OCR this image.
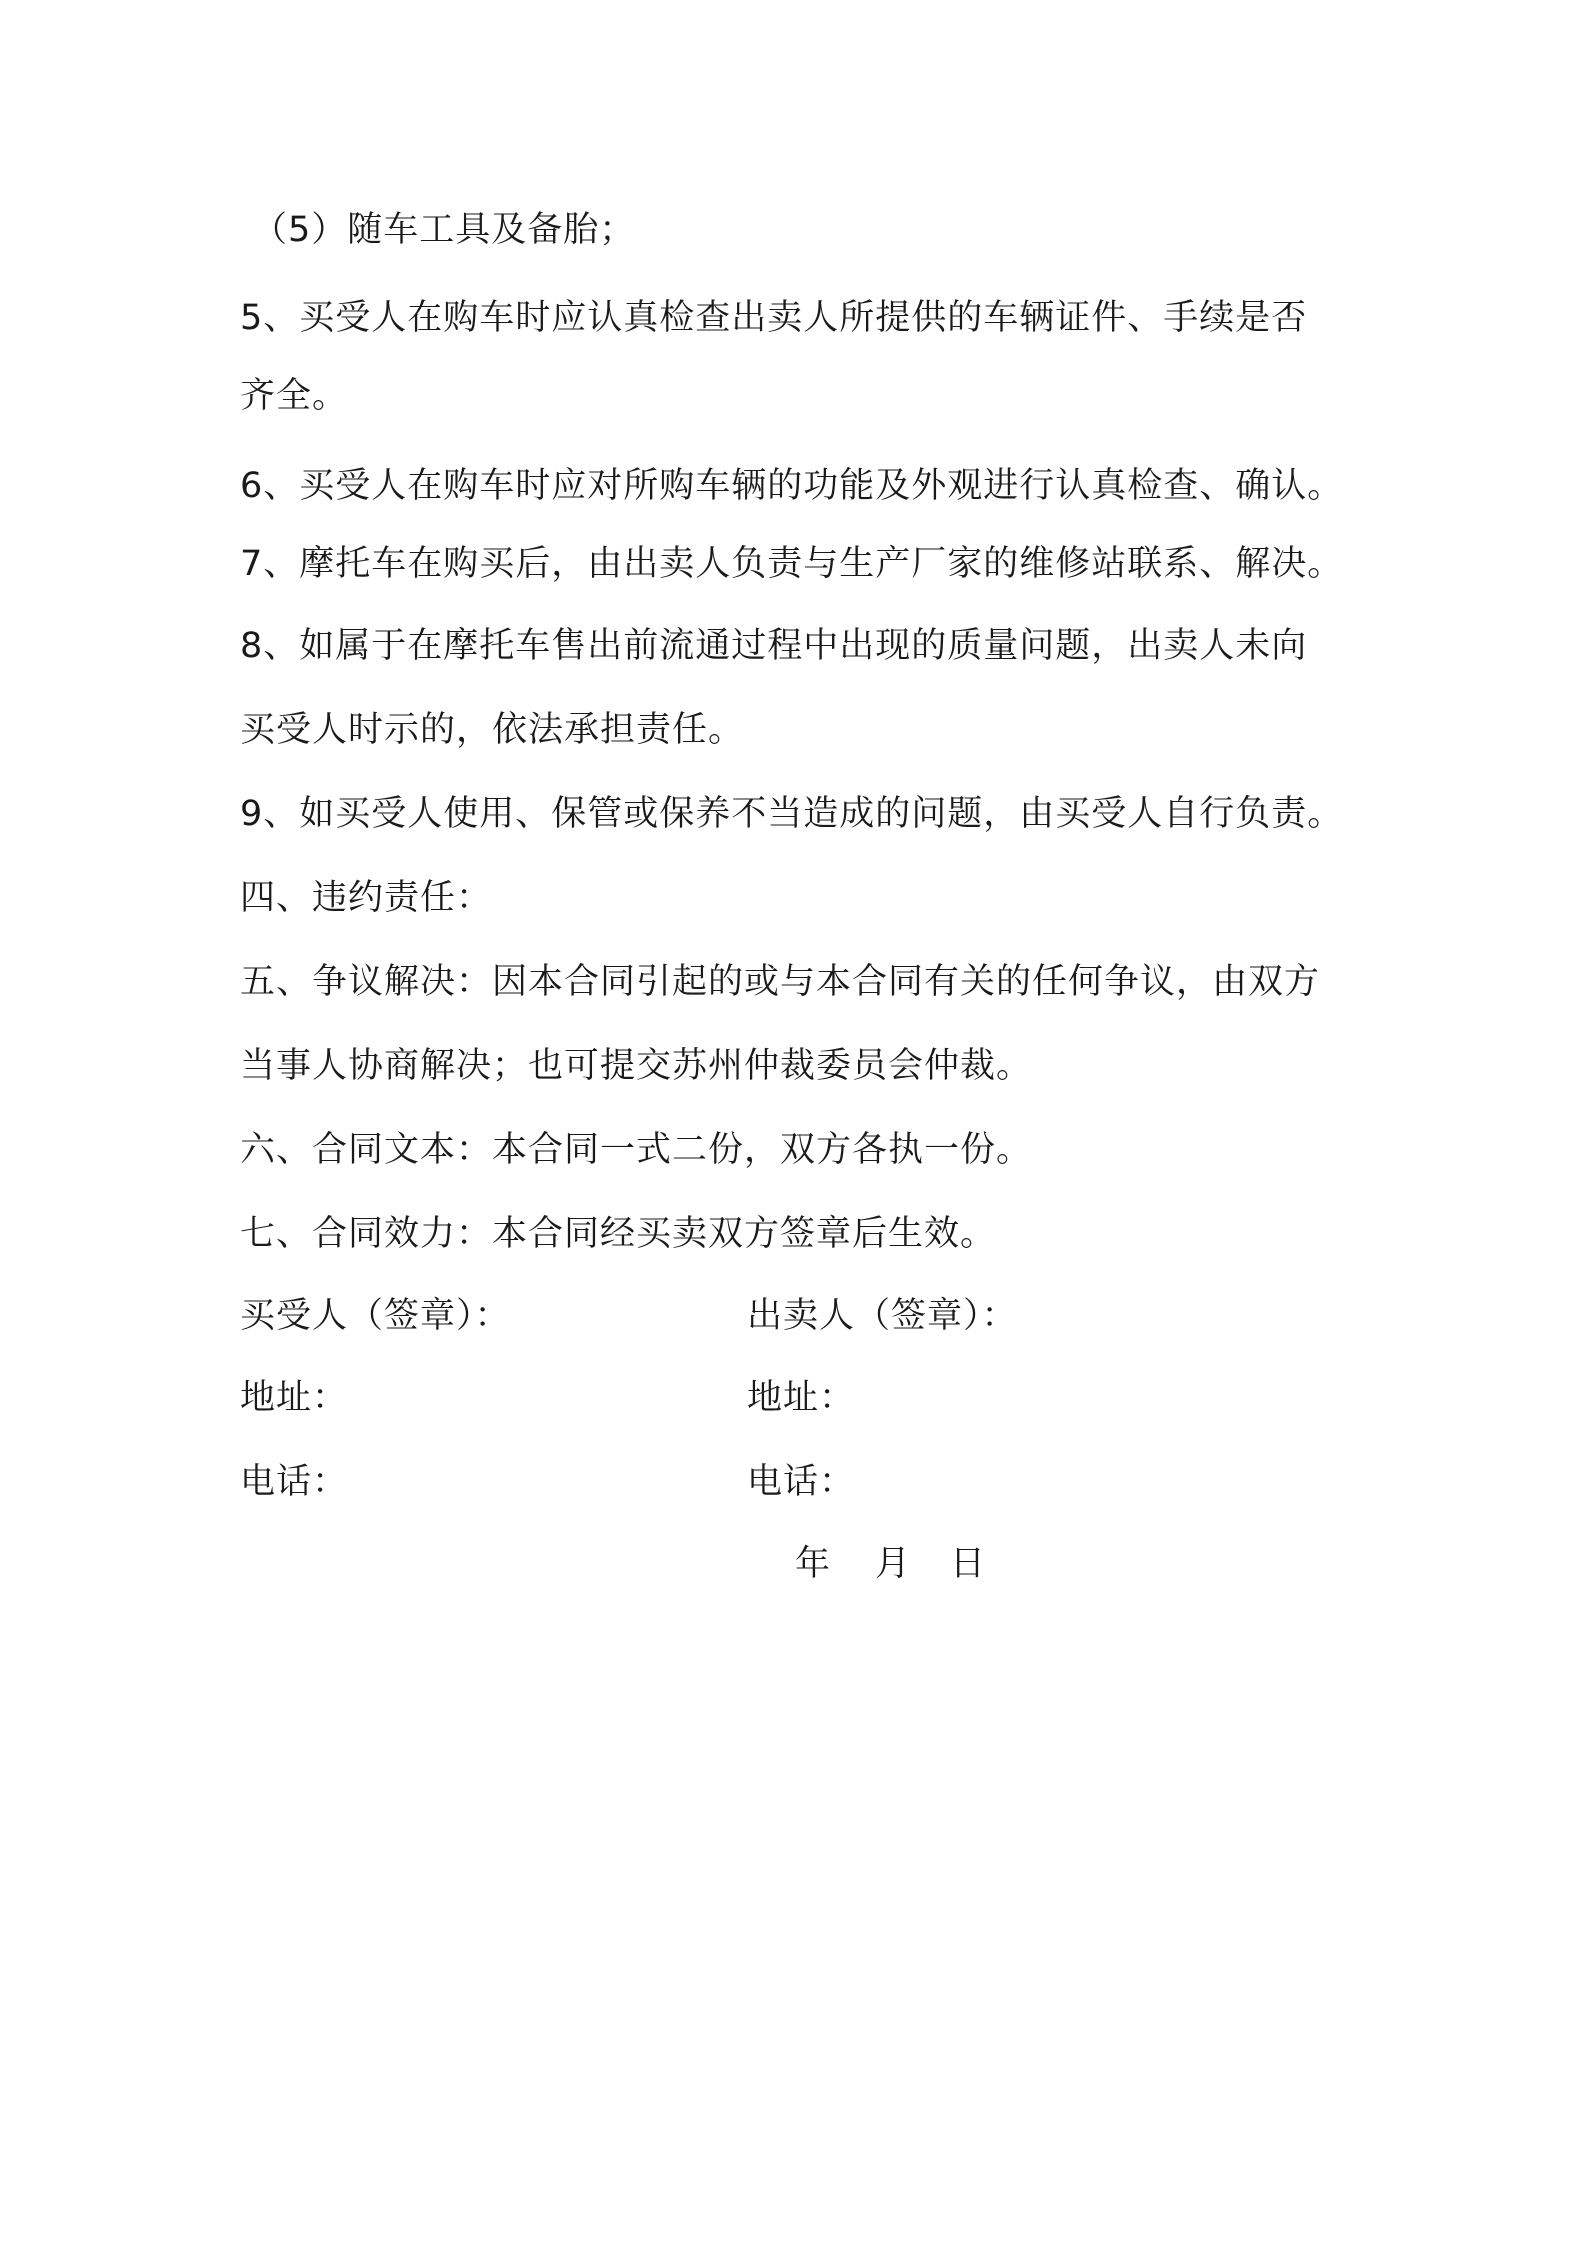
（5）随车工具及备胎；
5、买受人在购车时应认真检查出卖人所提供的车辆证件、手续是否
齐全。
6、买受人在购车时应对所购车辆的功能及外观进行认真检查、确认。
7、摩托车在购买后，由出卖人负责与生产厂家的维修站联系、解决。
8、如属于在摩托车售出前流通过程中出现的质量问题，出卖人未向
买受人时示的，依法承担责任。
9、如买受人使用、保管或保养不当造成的问题，由买受人自行负责。
四、违约责任：
五、争议解决：因本合同引起的或与本合同有关的任何争议，由双方
当事人协商解决；也可提交苏州仲裁委员会仲裁。
六、合同文本：本合同一式二份，双方各执一份。
七、合同效力：本合同经买卖双方签章后生效。
买受人（签章）：	出卖人（签章）：
地址：	地址：
电话：	电话：
年 月 日
